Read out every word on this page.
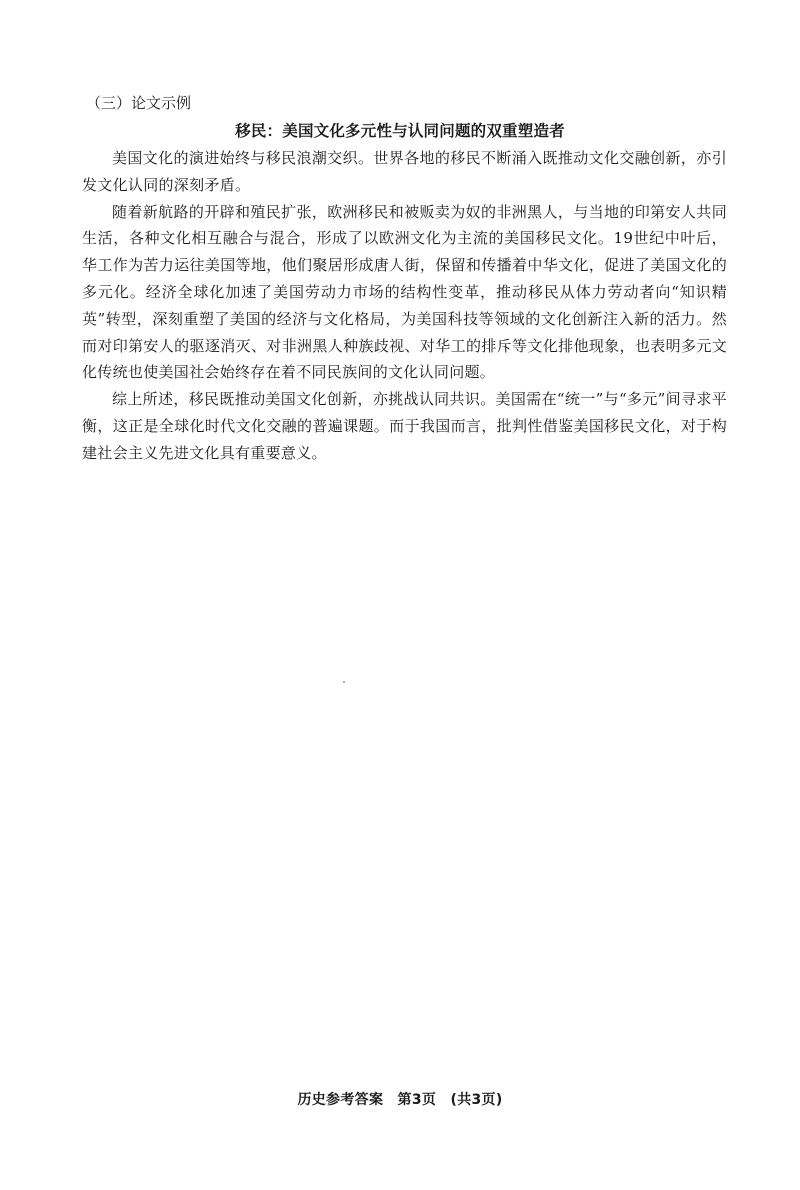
（三）论文示例
移民：美国文化多元性与认同问题的双重塑造者

美国文化的演进始终与移民浪潮交织。世界各地的移民不断涌入既推动文化交融创新，亦引发文化认同的深刻矛盾。

随着新航路的开辟和殖民扩张，欧洲移民和被贩卖为奴的非洲黑人，与当地的印第安人共同生活，各种文化相互融合与混合，形成了以欧洲文化为主流的美国移民文化。19世纪中叶后，华工作为苦力运往美国等地，他们聚居形成唐人街，保留和传播着中华文化，促进了美国文化的多元化。经济全球化加速了美国劳动力市场的结构性变革，推动移民从体力劳动者向“知识精英”转型，深刻重塑了美国的经济与文化格局，为美国科技等领域的文化创新注入新的活力。然而对印第安人的驱逐消灭、对非洲黑人种族歧视、对华工的排斥等文化排他现象，也表明多元文化传统也使美国社会始终存在着不同民族间的文化认同问题。

综上所述，移民既推动美国文化创新，亦挑战认同共识。美国需在“统一”与“多元”间寻求平衡，这正是全球化时代文化交融的普遍课题。而于我国而言，批判性借鉴美国移民文化，对于构建社会主义先进文化具有重要意义。

历史参考答案　第3页　(共3页)
